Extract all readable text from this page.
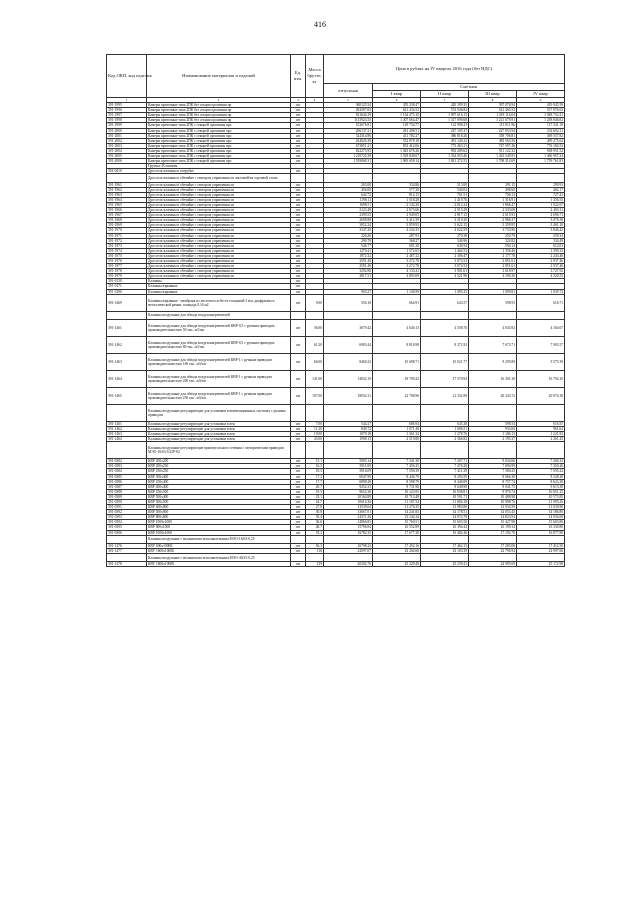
416
Код ОКП, код изделия	Наименование материалов и изделий	Ед. изм.	Масса брутто, кг	Цена в рублях на IV квартал 2016 года (без НДС)				
				отпускная	Сметная			
					I квар	II квар	III квар	IV квар
1	2	3	4	5	6	7	8	9
391-1995	Камеры приточные типа 2ПК без секции орошения пр	шт		360125.54	455 238.47	420 399.33	397 076.94	419 945.59
391-1996	Камеры приточные типа 2ПК без секции орошения пр	шт		492097.65	621 434.52	553 946.82	541 465.52	557 976.63
391-1997	Камеры приточные типа 2ПК без секции орошения пр	шт		921644.29	1 164 475.10	1 097 616.15	1 018 116.04	1 048 752.41
391-1998	Камеры приточные типа 2ПК без секции орошения пр	шт		1113923.55	1 407 664.47	1 317 099.68	1 221 679.91	1 258 846.82
391-1999	Камеры приточные типа 2ПК с секцией орошения про	шт		102676.81	129 734.77	122 908.25	113 811.96	117 341.18
391-2000	Камеры приточные типа 2ПК с секцией орошения про	шт		206137.21	261 408.51	247 105.37	227 853.94	234 602.11
391-2001	Камеры приточные типа 2ПК с секцией орошения про	шт		324314.86	411 782.27	386 818.26	358 706.81	369 557.82
391-2002	Камеры приточные типа 2ПК с секцией орошения про	шт		434626.39	552 878.18	491 140.23	483 563.56	499 275.62
391-2003	Камеры приточные типа 2ПК с секцией орошения про	шт		673851.21	853 412.06	775 463.31	747 597.46	776 184.53
391-2004	Камеры приточные типа 2ПК с секцией орошения про	шт		822275.95	1 045 676.26	992 289.62	911 122.32	938 951.52
391-2005	Камеры приточные типа 2ПК с секцией орошения про	шт		1210725.39	1 529 840.67	1 334 053.46	1 423 540.95	1 466 907.34
391-2006	Камеры приточные типа 2ПК с секцией орошения про	шт		1539068.31	1 965 658.14	1 841 272.53	1 708 314.69	1 759 761.83
	Группа: Клапаны							
391-0410	Дроссель-клапаны в патрубке	шт						
	Дроссель-клапаны в обечайке с сектором управления из листовой/из сортовой стали							
391-1961	Дроссель-клапаны в обечайке с сектором управления из	шт		265.00	334.86	313.00	291.15	299.93
391-1962	Дроссель-клапаны в обечайке с сектором управления из	шт		456.00	577.38	540.02	498.60	482.17
391-1963	Дроссель-клапаны в обечайке с сектором управления из	шт		642.72	814.15	761.51	706.13	727.42
391-1964	Дроссель-клапаны в обечайке с сектором управления из	шт		1198.11	1 518.28	1 419.76	1 316.91	1 356.55
391-1965	Дроссель-клапаны в обечайке с сектором управления из	шт		1698.51	2 142.20	2 012.24	1 866.47	1 922.67
391-1966	Дроссель-клапаны в обечайке с сектором управления из	шт		2123.49	2 673.66	2 515.29	2 333.08	2 403.31
391-1967	Дроссель-клапаны в обечайке с сектором управления из	шт		2399.53	2 949.05	2 817.13	2 615.93	2 696.71
391-1968	Дроссель-клапаны в обечайке с сектором управления из	шт		2698.88	3 412.39	3 219.20	2 986.37	3 076.38
391-1969	Дроссель-клапаны в обечайке с сектором управления из	шт		3052.24	3 859.93	3 622.15	3 359.95	3 461.10
391-1970	Дроссель-клапаны в обечайке с сектором управления из	шт		3347.20	4 234.35	4 024.59	3 733.96	3 846.42
391-1971	Дроссель-клапаны в обечайке с сектором управления из	шт		226.26	287.93	270.38	250.79	258.34
391-1972	Дроссель-клапаны в обечайке с сектором управления из	шт		290.78	368.27	346.96	324.82	334.49
391-1973	Дроссель-клапаны в обечайке с сектором управления из	шт		546.77	691.28	649.54	594.14	612.03
391-1974	Дроссель-клапаны в обечайке с сектором управления из	шт		1270.41	1 572.65	1 464.53	1 358.46	1 399.33
391-1975	Дроссель-клапаны в обечайке с сектором управления из	шт		1972.32	2 487.22	2 306.47	2 177.70	2 243.46
391-1976	Дроссель-клапаны в обечайке с сектором управления из	шт		2591.40	3 272.78	3 074.52	2 851.61	2 937.46
391-1977	Дроссель-клапаны в обечайке с сектором управления из	шт		2591.40	3 272.78	3 074.52	2 851.61	2 937.46
391-1978	Дроссель-клапаны в обечайке с сектором управления из	шт		3292.86	4 133.41	3 901.61	3 618.97	3 727.92
391-1979	Дроссель-клапаны в обечайке с сектором управления из	шт		3817.51	4 803.69	4 521.96	4 194.30	4 320.55
391-0130	Клапаны	шт						
391-0171	Клапаны взрывные	шт						
391-3290	Клапаны взрывные	шт		903.27	1 146.99	1 085.25	1 009.81	1 039.74
391-1469	Клапаны взрывные - мембрана из листового асбеста толщиной 3 мм, диафрагмы и металлической рамки, площадь 0,16 м2	шт	9.00	556.18	664.91	643.57	598.93	616.71
	Клапаны воздушные для обвода воздухонагревателей							
391-1461	Клапаны воздушные для обвода воздухонагревателей КВР-0,5 с ручным приводом производительностью 50 тыс. м3/час	шт	36.00	3679.42	4 640.13	4 358.76	4 043.92	4 164.67
391-1462	Клапаны воздушные для обвода воздухонагревателей КВР-0,5 с ручным приводом производительностью 80 тыс. м3/час	шт	61.20	6983.44	8 818.98	8 271.92	7 672.71	7 903.57
391-1463	Клапаны воздушные для обвода воздухонагревателей КВР-1 с ручным приводом производительностью 160 тыс. м3/час	шт	66.00	8460.23	10 698.71	10 021.77	9 295.89	9 575.39
391-1464	Клапаны воздушные для обвода воздухонагревателей КВР-1 с ручным приводом производительностью 200 тыс. м3/час	шт	141.00	14832.19	18 709.42	17 570.94	16 301.38	16 792.29
391-1465	Клапаны воздушные для обвода воздухонагревателей КВР-1 с ручным приводом производительностью 250 тыс. м3/час	шт	107.00	18032.31	22 708.96	21 331.89	20 343.72	20 974.38
	Клапаны воздушные регулирующие для установки в вентиляционных системах с ручным приводом							
391-1461	Клапаны воздушные регулирующие для установки в вен	шт	7.00	544.27	686.94	645.28	598.54	616.55
391-1462	Клапаны воздушные регулирующие для установки в вен	шт	11.20	849.72	1 071.48	1 006.51	933.60	961.64
391-1463	Клапаны воздушные регулирующие для установки в вен	шт	19.00	1079.18	1 361.34	1 278.76	1 186.13	1 221.82
391-1464	Клапаны воздушные регулирующие для установки в вен	шт	45.00	1998.13	2 519.80	2 366.82	2 195.37	2 261.43
	Клапаны воздушные регулирующие прямоугольного сечения с электрическим приводом МЭО-16/63-0,25Р-82							
391-0382	КВР 200х200	шт	15.1	5903.14	7 341.38	7 207.71	9 034.66	7 268.23
391-0383	КВР 200х250	шт	16.5	5911.00	7 456.25	7 476.20	7 094.99	7 350.26
391-0384	КВР 250х250	шт	18.5	5916.09	7 590.39	7 411.39	7 580.25	7 595.22
391-0385	КВР 300х400	шт	17.2	6047.99	8 446.79	8 293.59	8 066.38	8 328.28
391-0386	КВР 250х400	шт	17.7	6898.28	8 598.79	8 446.89	8 757.74	8 623.28
391-0387	КВР 400х400	шт	20.7	9252.31	9 731.96	9 640.90	9 041.75	9 613.38
391-0388	КВР 250х500	шт	19.5	9652.30	10 123.95	10 038.81	9 976.74	10 051.25
391-0389	КВР 500х400	шт	23.1	10164.89	10 713.48	10 591.71	10 488.98	10 573.85
391-0390	КВР 500х500	шт	24.7	10614.36	11 187.54	11 084.18	10 998.76	11 095.26
391-0391	КВР 400х800	шт	27.8	12539.04	11 276.35	13 983.88	12 934.50	13 030.80
391-0392	КВР 500х800	шт	30.8	13667.01	14 241.83	14 178.51	14 053.45	14 186.80
391-0393	КВР 800х800	шт	35.4	14371.26	15 142.24	14 974.78	14 823.94	14 934.69
391-0394	КВР 1000х1000	шт	36.6	14966.85	15 760.51	15 603.50	15 427.98	15 603.86
391-0395	КВР 800х1000	шт	46.7	15796.84	16 552.89	16 394.44	16 199.34	16 330.80
391-0396	КВР 1000х1000	шт	53.2	16782.35	17 677.28	16 482.46	17 192.70	16 877.80
	Клапаны воздушные с механизмом исполнительным МЭО-16/63-0,25							
391-1476	КВУ 600х1000Б	шт	56.3	16798.22	17 452.16	17 462.13	17 283.08	17 412.50
391-1477	КВУ 1600х1000Б	шт	116	22097.07	23 264.66	23 103.39	22 796.94	22 997.66
	Клапаны воздушные с механизмом исполнительным МЭО-40/25-0,25							
391-1478	КВУ 1600х1000Б	шт	139	20202.76	25 229.49	25 239.41	24 995.69	25 172.98
